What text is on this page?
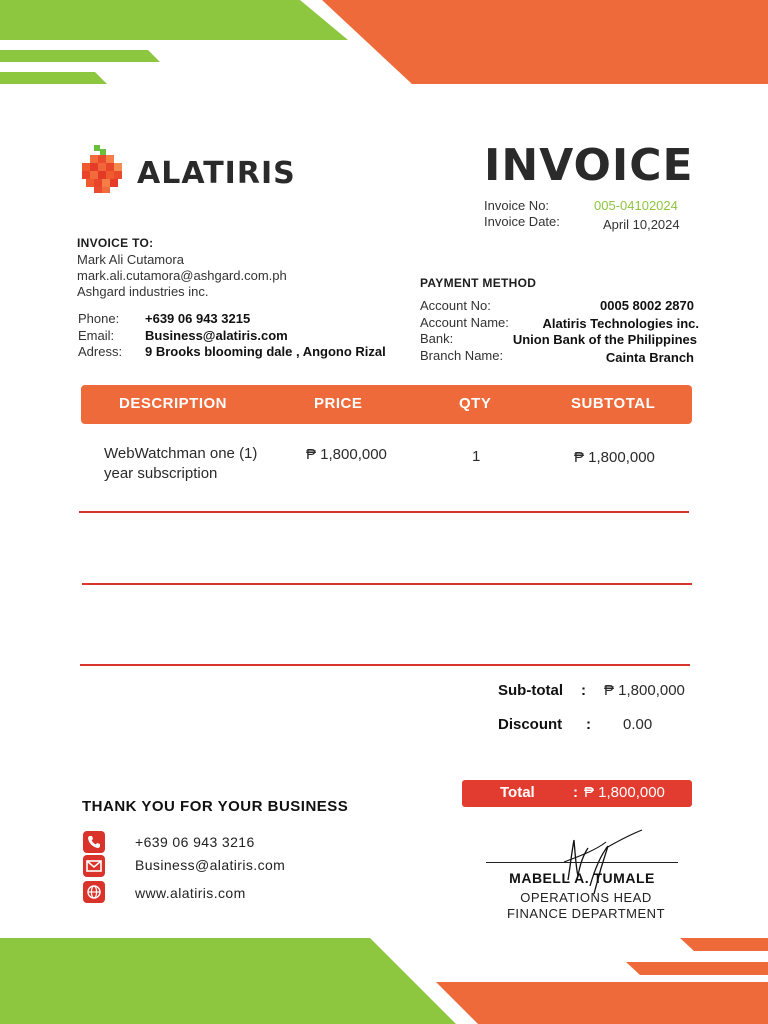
ALATIRIS	INVOICE
Invoice No:	005-04102024
Invoice Date:	April 10,2024
INVOICE TO:
Mark Ali Cutamora
mark.ali.cutamora@ashgard.com.ph
Ashgard industries inc.
Phone: +639 06 943 3215
Email: Business@alatiris.com
Adress: 9 Brooks blooming dale , Angono Rizal
PAYMENT METHOD
Account No:	0005 8002 2870
Account Name:	Alatiris Technologies inc.
Bank:	Union Bank of the Philippines
Branch Name:	Cainta Branch
DESCRIPTION	PRICE	QTY	SUBTOTAL
WebWatchman one (1)
year subscription
₱ 1,800,000	1	₱ 1,800,000
Sub-total : ₱ 1,800,000
Discount : 0.00
Total	: ₱ 1,800,000
THANK YOU FOR YOUR BUSINESS
+639 06 943 3216
Business@alatiris.com
www.alatiris.com
MABELL A. TUMALE
OPERATIONS HEAD
FINANCE DEPARTMENT
